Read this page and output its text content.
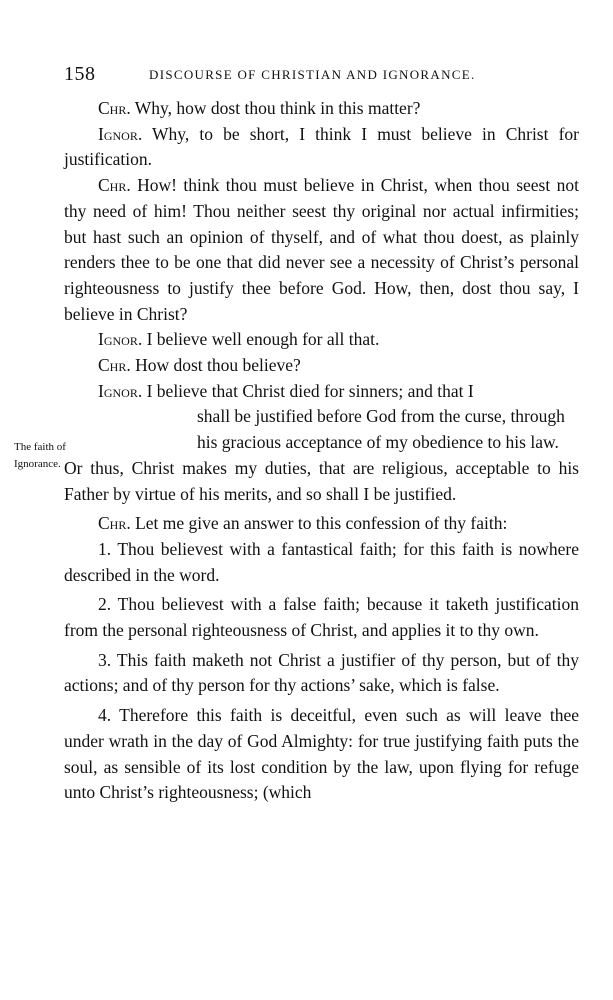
158	DISCOURSE OF CHRISTIAN AND IGNORANCE.
The faith of
Ignorance.

Chr. Why, how dost thou think in this matter?

Ignor. Why, to be short, I think I must believe in Christ for justification.

Chr. How! think thou must believe in Christ, when thou seest not thy need of him! Thou neither seest thy original nor actual infirmities; but hast such an opinion of thyself, and of what thou doest, as plainly renders thee to be one that did never see a necessity of Christ’s personal righteousness to justify thee before God. How, then, dost thou say, I believe in Christ?

Ignor. I believe well enough for all that.

Chr. How dost thou believe?

Ignor. I believe that Christ died for sinners; and that I
shall be justified before God from the curse, through
his gracious acceptance of my obedience to his law.

Or thus, Christ makes my duties, that are religious, acceptable to his Father by virtue of his merits, and so shall I be justified.

Chr. Let me give an answer to this confession of thy faith:

1. Thou believest with a fantastical faith; for this faith is nowhere described in the word.

2. Thou believest with a false faith; because it taketh justification from the personal righteousness of Christ, and applies it to thy own.

3. This faith maketh not Christ a justifier of thy person, but of thy actions; and of thy person for thy actions’ sake, which is false.

4. Therefore this faith is deceitful, even such as will leave thee under wrath in the day of God Almighty: for true justifying faith puts the soul, as sensible of its lost condition by the law, upon flying for refuge unto Christ’s righteousness; (which
